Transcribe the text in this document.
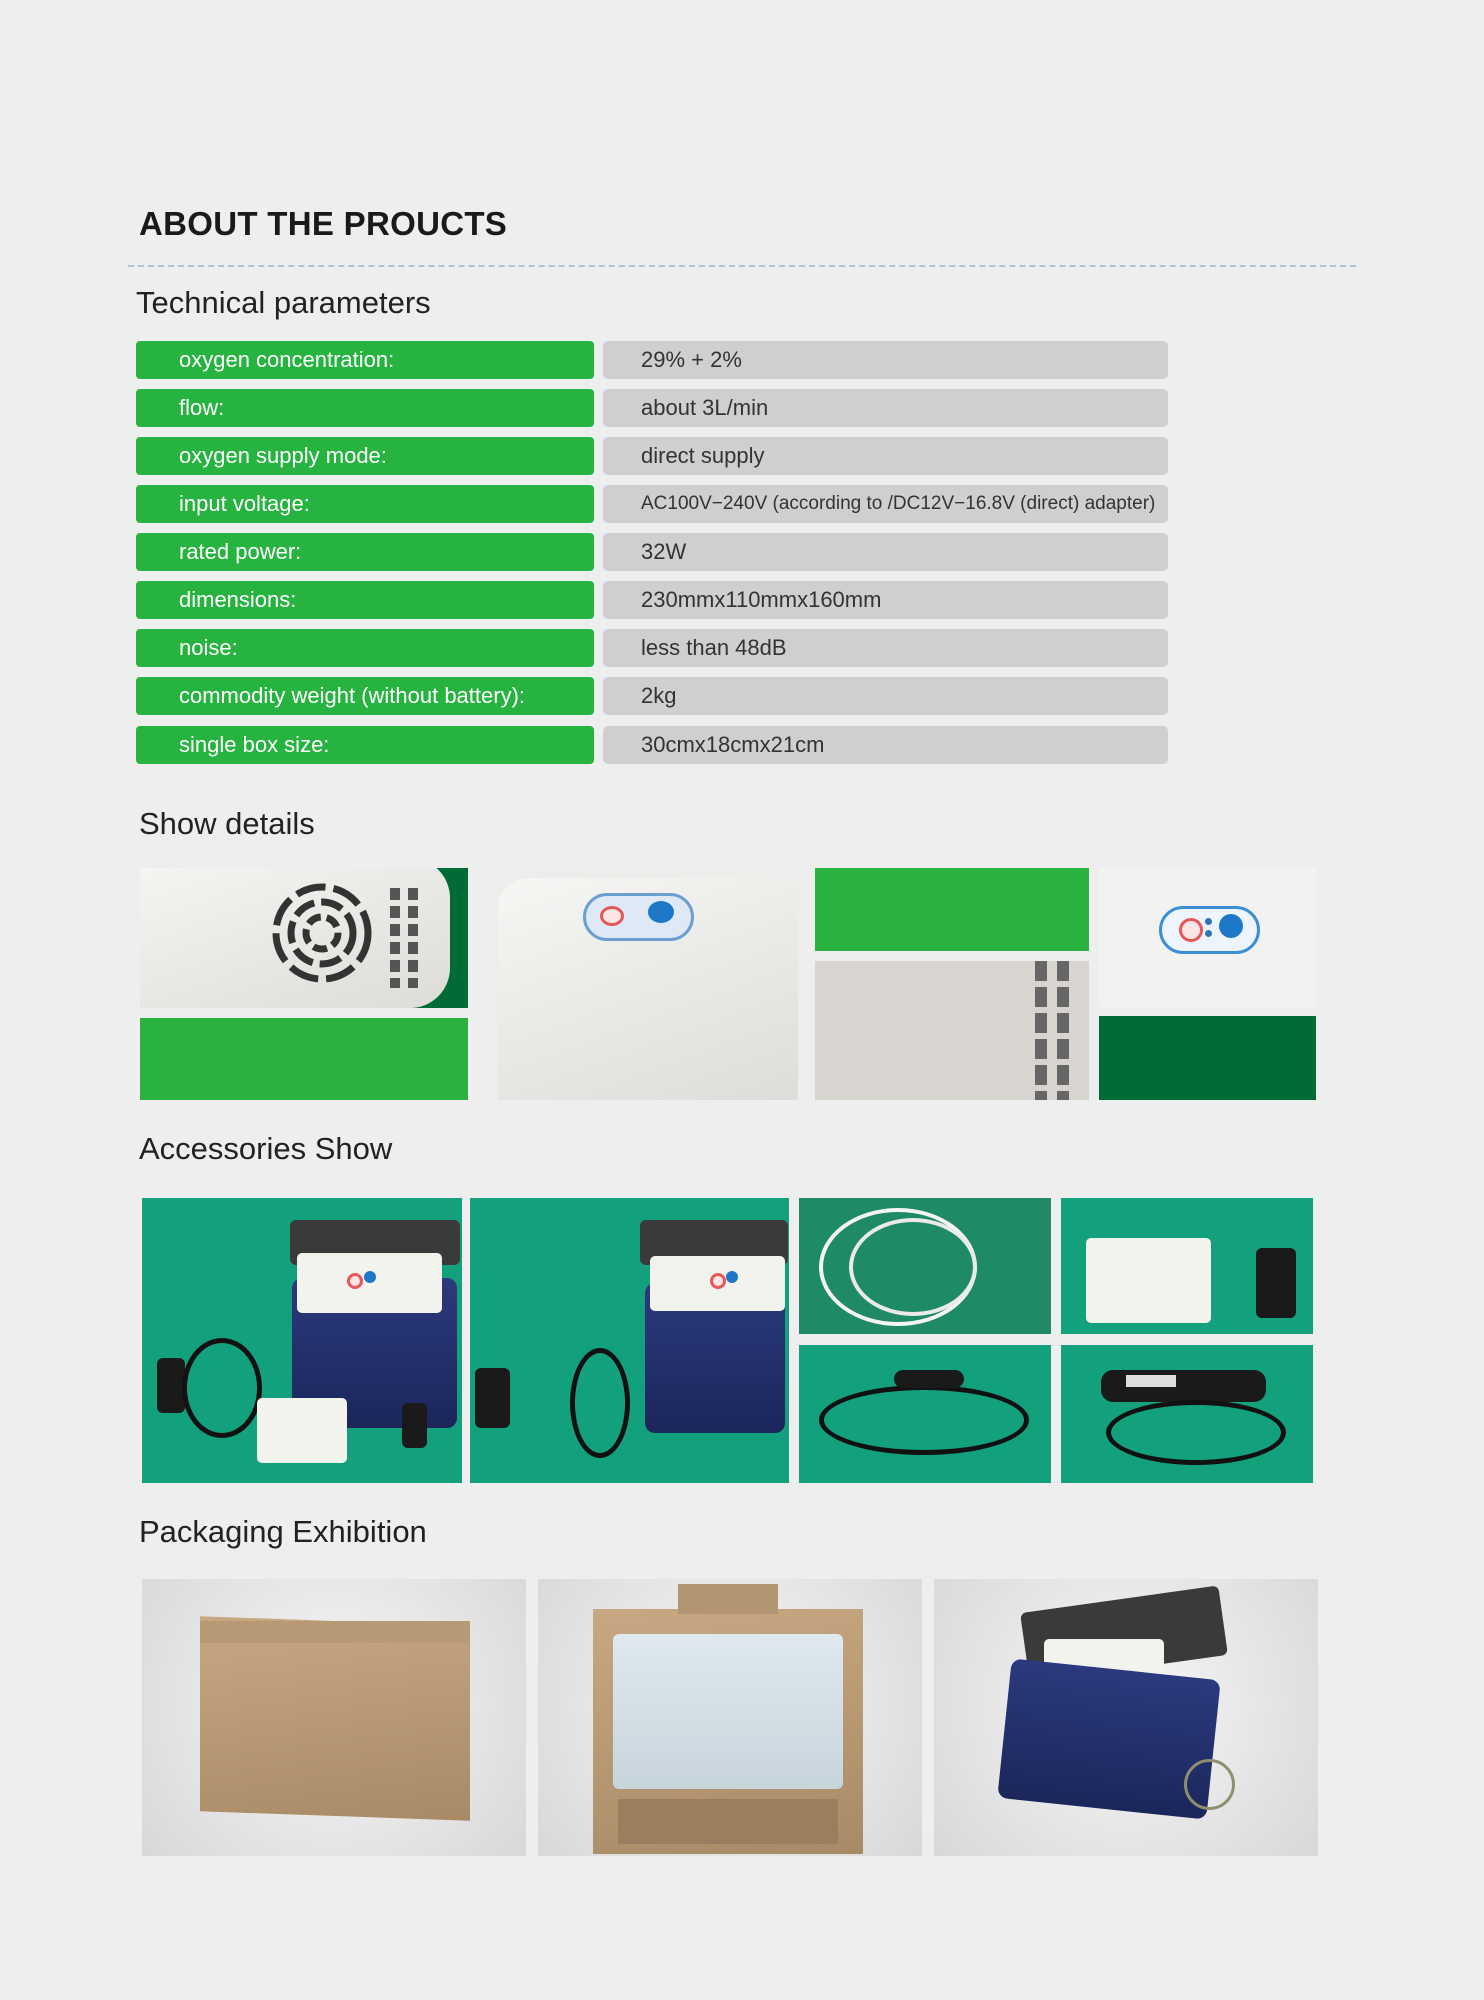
ABOUT THE PROUCTS
Technical parameters
oxygen concentration:	29% + 2%
flow:	about 3L/min
oxygen supply mode:	direct supply
input voltage:	AC100V−240V (according to /DC12V−16.8V (direct) adapter)
rated power:	32W
dimensions:	230mmx110mmx160mm
noise:	less than 48dB
commodity weight (without battery):	2kg
single box size:	30cmx18cmx21cm
Show details
Accessories Show
Packaging Exhibition
